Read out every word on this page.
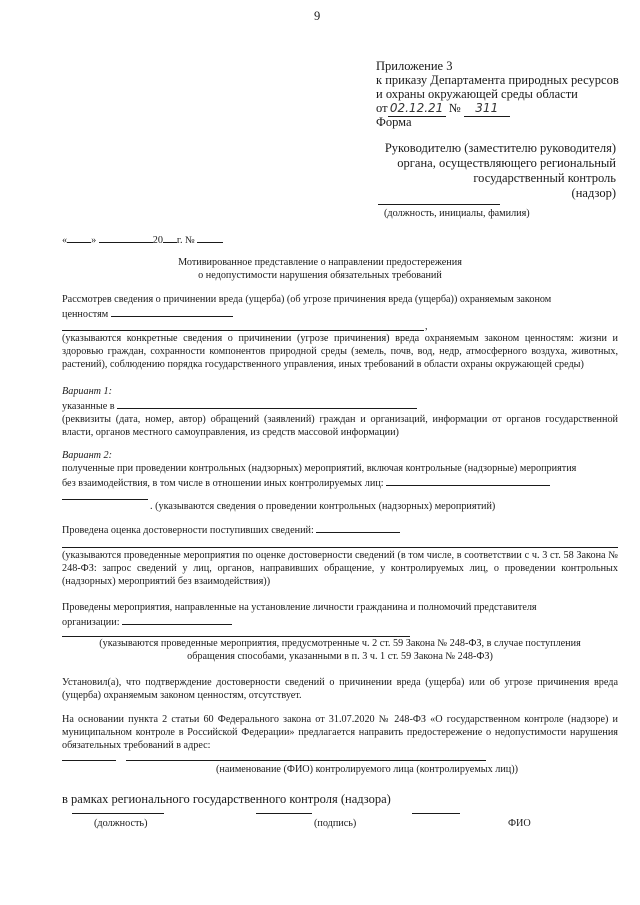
9
Приложение 3
к приказу Департамента природных ресурсов
и охраны окружающей среды области
от 02.12.21 № 311
Форма
Руководителю (заместителю руководителя)
органа, осуществляющего региональный
государственный контроль
(надзор)
(должность, инициалы, фамилия)
« »	20 г. №
Мотивированное представление о направлении предостережения
о недопустимости нарушения обязательных требований
Рассмотрев сведения о причинении вреда (ущерба) (об угрозе причинения вреда (ущерба)) охраняемым законом
ценностям
,
(указываются конкретные сведения о причинении (угрозе причинения) вреда охраняемым законом ценностям: жизни и здоровью граждан, сохранности компонентов природной среды (земель, почв, вод, недр, атмосферного воздуха, животных, растений), соблюдению порядка государственного управления, иных требований в области охраны окружающей среды)
Вариант 1:
указанные в
(реквизиты (дата, номер, автор) обращений (заявлений) граждан и организаций, информации от органов государственной власти, органов местного самоуправления, из средств массовой информации)
Вариант 2:
полученные при проведении контрольных (надзорных) мероприятий, включая контрольные (надзорные) мероприятия
без взаимодействия, в том числе в отношении иных контролируемых лиц:
. (указываются сведения о проведении контрольных (надзорных) мероприятий)
Проведена оценка достоверности поступивших сведений:
(указываются проведенные мероприятия по оценке достоверности сведений (в том числе, в соответствии с ч. 3 ст. 58 Закона № 248-ФЗ: запрос сведений у лиц, органов, направивших обращение, у контролируемых лиц, о проведении контрольных (надзорных) мероприятий без взаимодействия))
Проведены мероприятия, направленные на установление личности гражданина и полномочий представителя
организации:
(указываются проведенные мероприятия, предусмотренные ч. 2 ст. 59 Закона № 248-ФЗ, в случае поступления
обращения способами, указанными в п. 3 ч. 1 ст. 59 Закона № 248-ФЗ)
Установил(а), что подтверждение достоверности сведений о причинении вреда (ущерба) или об угрозе причинения вреда (ущерба) охраняемым законом ценностям, отсутствует.
На основании пункта 2 статьи 60 Федерального закона от 31.07.2020 № 248-ФЗ «О государственном контроле (надзоре) и муниципальном контроле в Российской Федерации» предлагается направить предостережение о недопустимости нарушения обязательных требований в адрес:
(наименование (ФИО) контролируемого лица (контролируемых лиц))
в рамках регионального государственного контроля (надзора)
(должность)	(подпись)	ФИО
